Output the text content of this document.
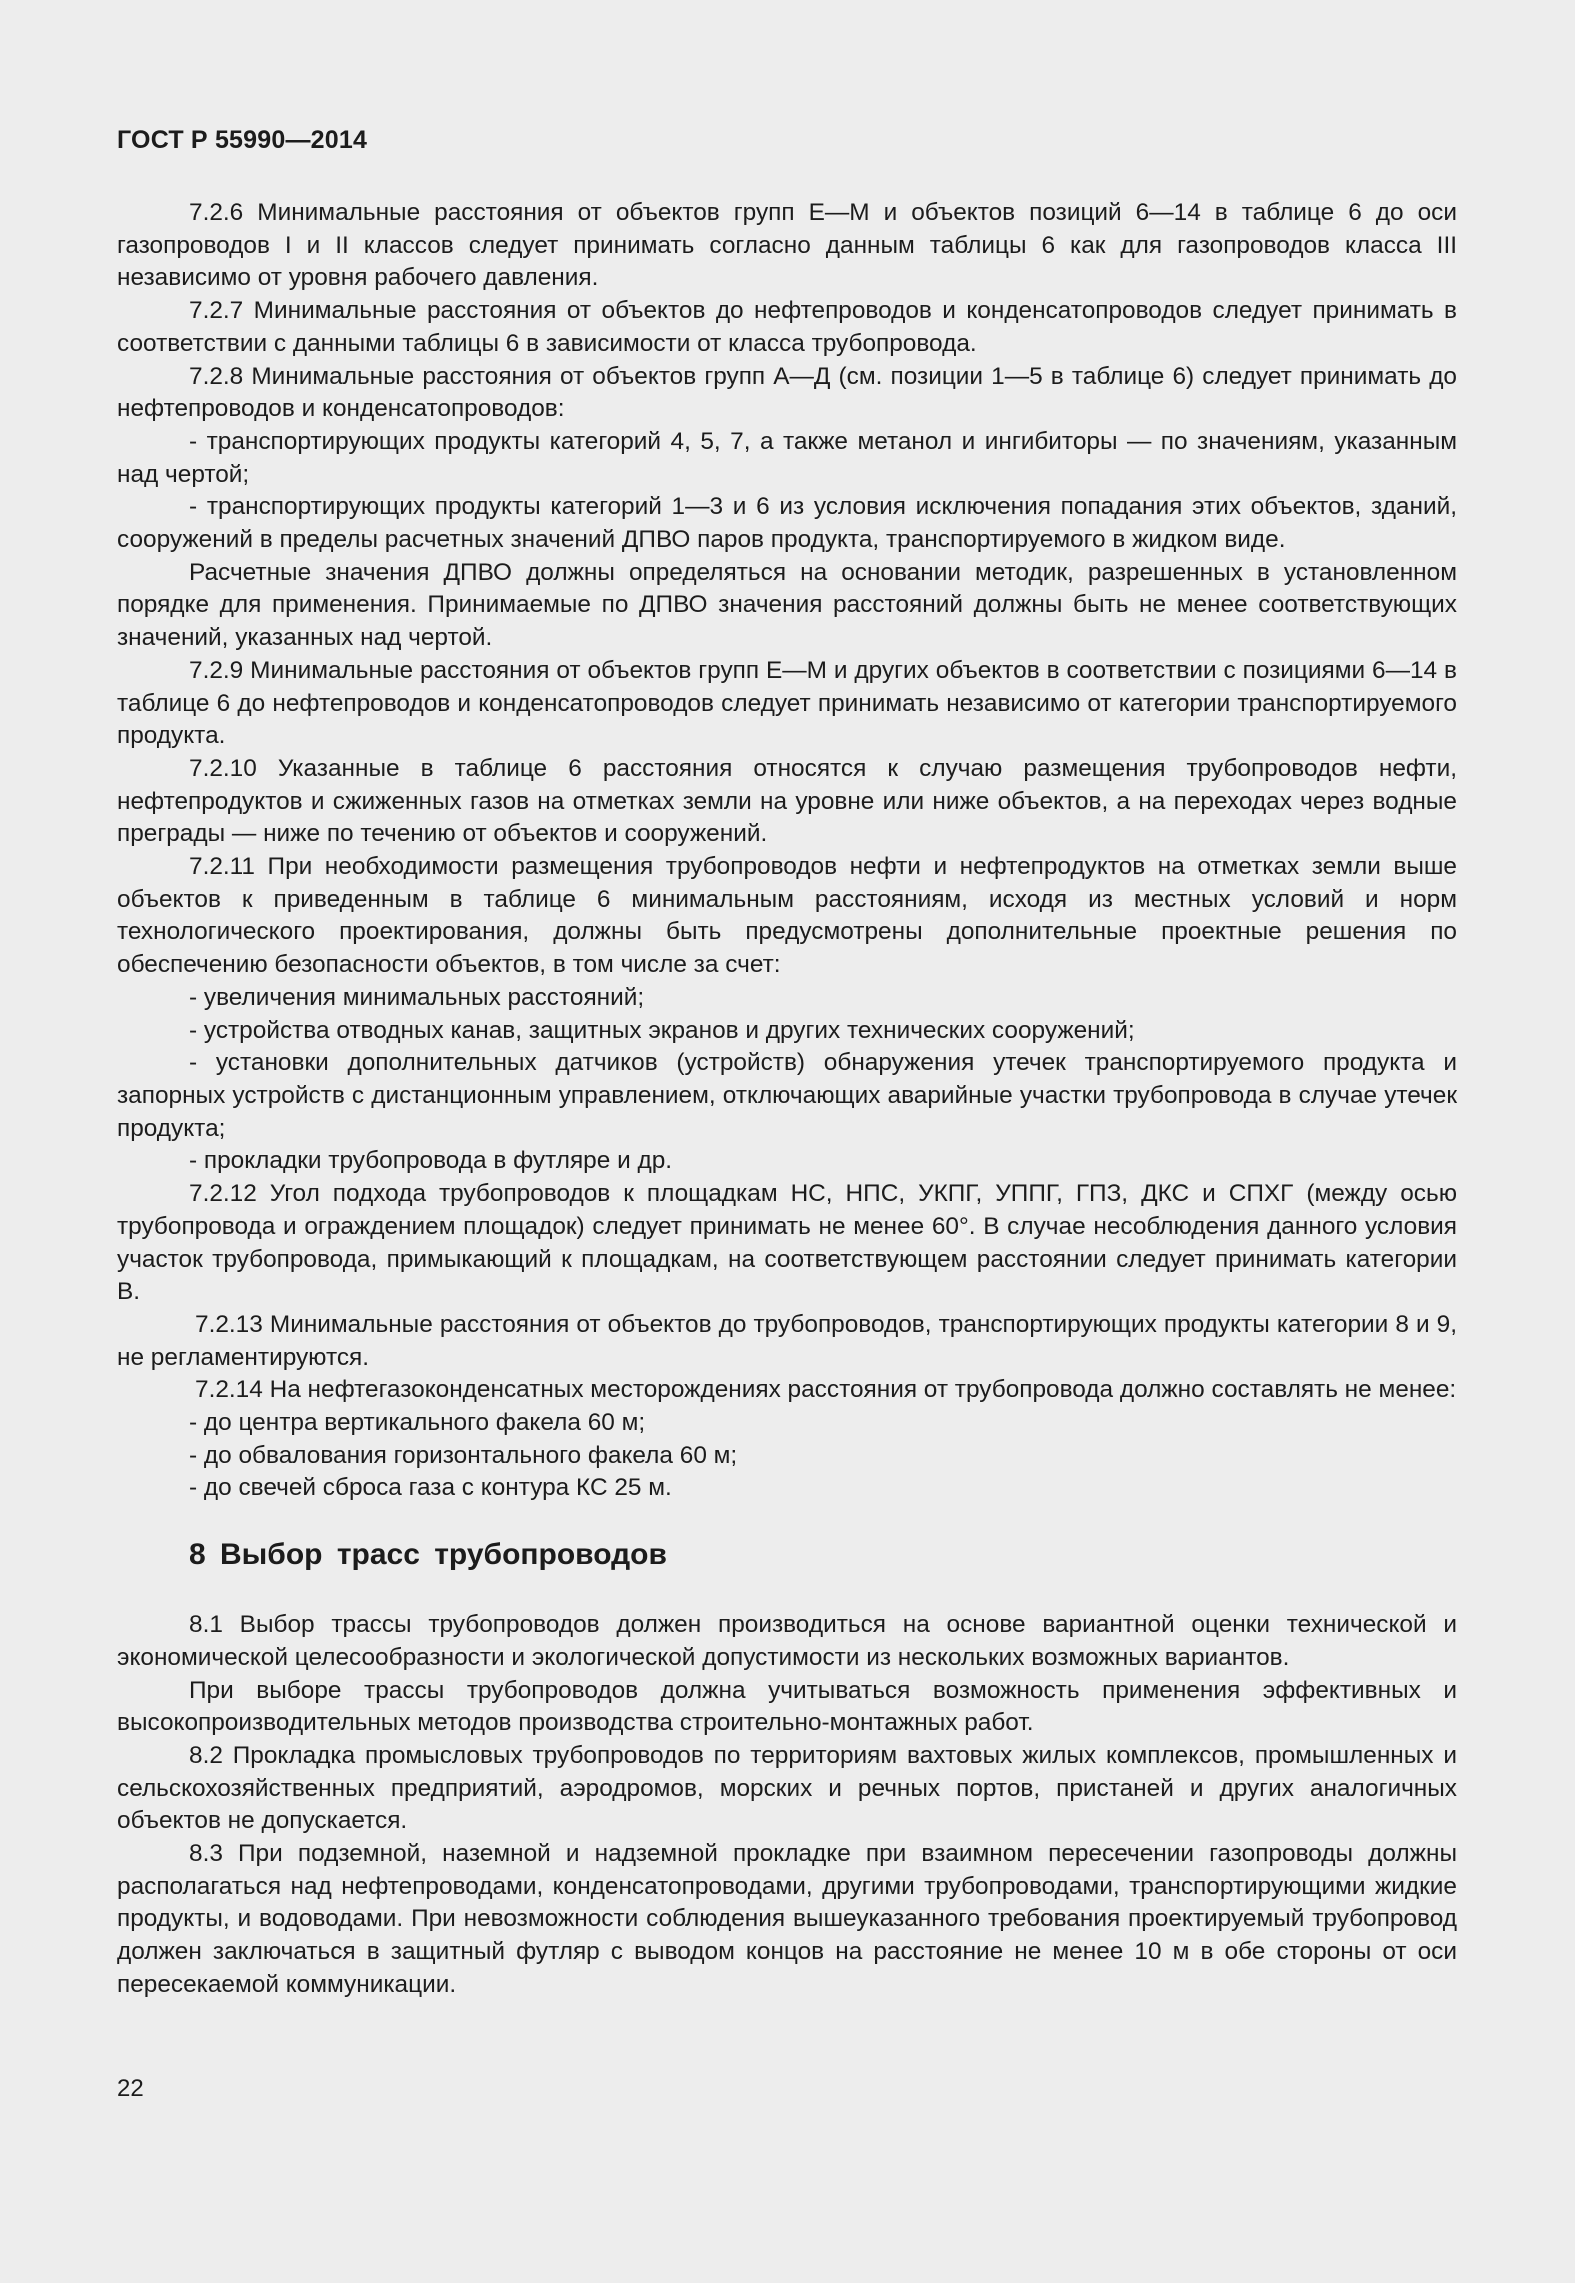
ГОСТ Р 55990—2014

7.2.6 Минимальные расстояния от объектов групп Е—М и объектов позиций 6—14 в таблице 6 до оси газопроводов I и II классов следует принимать согласно данным таблицы 6 как для газопроводов класса III независимо от уровня рабочего давления.

7.2.7 Минимальные расстояния от объектов до нефтепроводов и конденсатопроводов следует принимать в соответствии с данными таблицы 6 в зависимости от класса трубопровода.

7.2.8 Минимальные расстояния от объектов групп А—Д (см. позиции 1—5 в таблице 6) следует принимать до нефтепроводов и конденсатопроводов:

- транспортирующих продукты категорий 4, 5, 7, а также метанол и ингибиторы — по значениям, указанным над чертой;

- транспортирующих продукты категорий 1—3 и 6 из условия исключения попадания этих объектов, зданий, сооружений в пределы расчетных значений ДПВО паров продукта, транспортируемого в жидком виде.

Расчетные значения ДПВО должны определяться на основании методик, разрешенных в установленном порядке для применения. Принимаемые по ДПВО значения расстояний должны быть не менее соответствующих значений, указанных над чертой.

7.2.9 Минимальные расстояния от объектов групп Е—М и других объектов в соответствии с позициями 6—14 в таблице 6 до нефтепроводов и конденсатопроводов следует принимать независимо от категории транспортируемого продукта.

7.2.10 Указанные в таблице 6 расстояния относятся к случаю размещения трубопроводов нефти, нефтепродуктов и сжиженных газов на отметках земли на уровне или ниже объектов, а на переходах через водные преграды — ниже по течению от объектов и сооружений.

7.2.11 При необходимости размещения трубопроводов нефти и нефтепродуктов на отметках земли выше объектов к приведенным в таблице 6 минимальным расстояниям, исходя из местных условий и норм технологического проектирования, должны быть предусмотрены дополнительные проектные решения по обеспечению безопасности объектов, в том числе за счет:

- увеличения минимальных расстояний;

- устройства отводных канав, защитных экранов и других технических сооружений;

- установки дополнительных датчиков (устройств) обнаружения утечек транспортируемого продукта и запорных устройств с дистанционным управлением, отключающих аварийные участки трубопровода в случае утечек продукта;

- прокладки трубопровода в футляре и др.

7.2.12 Угол подхода трубопроводов к площадкам НС, НПС, УКПГ, УППГ, ГПЗ, ДКС и СПХГ (между осью трубопровода и ограждением площадок) следует принимать не менее 60°. В случае несоблюдения данного условия участок трубопровода, примыкающий к площадкам, на соответствующем расстоянии следует принимать категории В.

7.2.13 Минимальные расстояния от объектов до трубопроводов, транспортирующих продукты категории 8 и 9, не регламентируются.

7.2.14 На нефтегазоконденсатных месторождениях расстояния от трубопровода должно составлять не менее:

- до центра вертикального факела 60 м;

- до обвалования горизонтального факела 60 м;

- до свечей сброса газа с контура КС 25 м.

8 Выбор трасс трубопроводов

8.1 Выбор трассы трубопроводов должен производиться на основе вариантной оценки технической и экономической целесообразности и экологической допустимости из нескольких возможных вариантов.

При выборе трассы трубопроводов должна учитываться возможность применения эффективных и высокопроизводительных методов производства строительно-монтажных работ.

8.2 Прокладка промысловых трубопроводов по территориям вахтовых жилых комплексов, промышленных и сельскохозяйственных предприятий, аэродромов, морских и речных портов, пристаней и других аналогичных объектов не допускается.

8.3 При подземной, наземной и надземной прокладке при взаимном пересечении газопроводы должны располагаться над нефтепроводами, конденсатопроводами, другими трубопроводами, транспортирующими жидкие продукты, и водоводами. При невозможности соблюдения вышеуказанного требования проектируемый трубопровод должен заключаться в защитный футляр с выводом концов на расстояние не менее 10 м в обе стороны от оси пересекаемой коммуникации.

22
